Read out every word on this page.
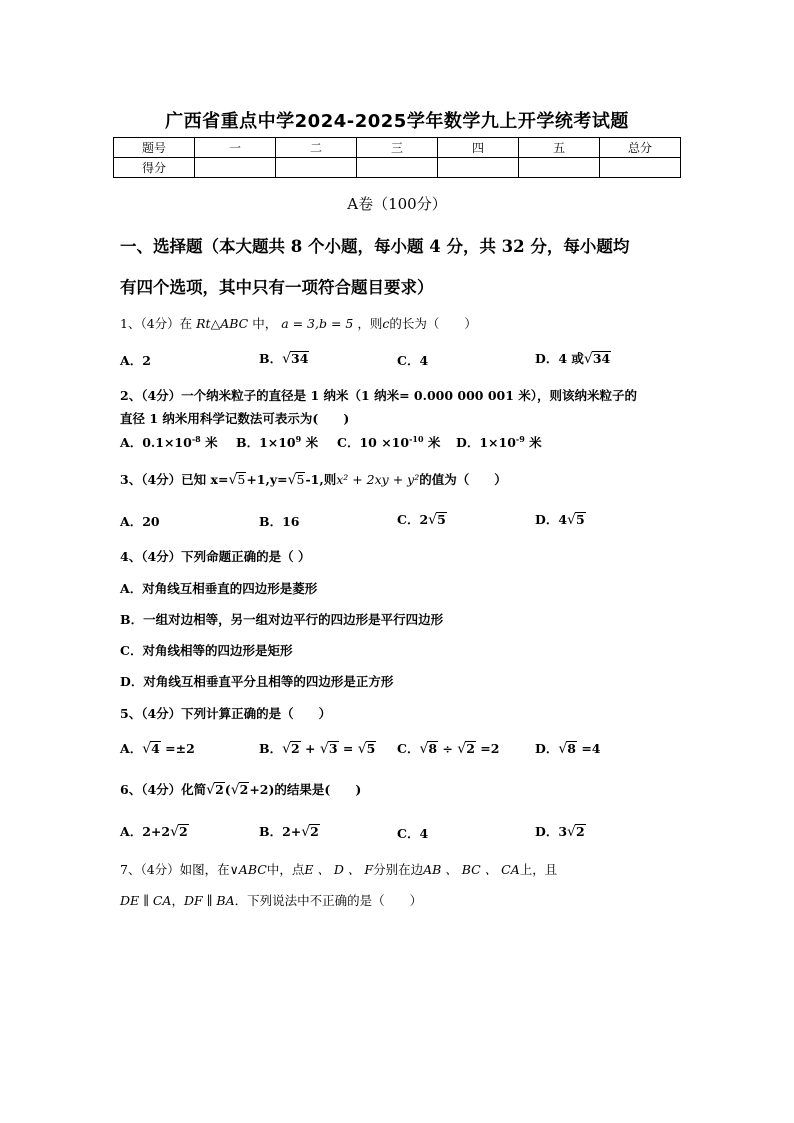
广西省重点中学2024-2025学年数学九上开学统考试题
题号	一	二	三	四	五	总分
得分						
A卷（100分）
一、选择题（本大题共 8 个小题，每小题 4 分，共 32 分，每小题均
有四个选项，其中只有一项符合题目要求）
1、（4分）在 Rt△ABC 中， a = 3,b = 5 ，则c的长为（　　）
A．2	B．√34	C．4	D．4 或√34
2、（4分）一个纳米粒子的直径是 1 纳米（1 纳米= 0.000 000 001 米），则该纳米粒子的
直径 1 纳米用科学记数法可表示为(　　)
A．$0.1\times 10^{-8}$ 米 B．$1\times 10^9$ 米 C．$10 \times 10^{-10}$ 米 D．$1\times 10^{-9}$ 米
3、（4分）已知 x=√5+1,y=√5-1,则x² + 2xy + y²的值为（　　）
A．20	B．16	C．2√5	D．4√5
4、（4分）下列命题正确的是（ ）
A．对角线互相垂直的四边形是菱形
B．一组对边相等，另一组对边平行的四边形是平行四边形
C．对角线相等的四边形是矩形
D．对角线互相垂直平分且相等的四边形是正方形
5、（4分）下列计算正确的是（　　）
A．√4 =±2	B．√2 + √3 = √5 C．√8 ÷ √2 =2	D．√8 =4
6、（4分）化简√2(√2+2)的结果是(　　)
A．2+2√2	B．2+√2	C．4	D．3√2
7、（4分）如图，在∨ABC中，点E 、 D 、 F分别在边AB 、 BC 、 CA上，且
DE ∥ CA，DF ∥ BA．下列说法中不正确的是（　　）
